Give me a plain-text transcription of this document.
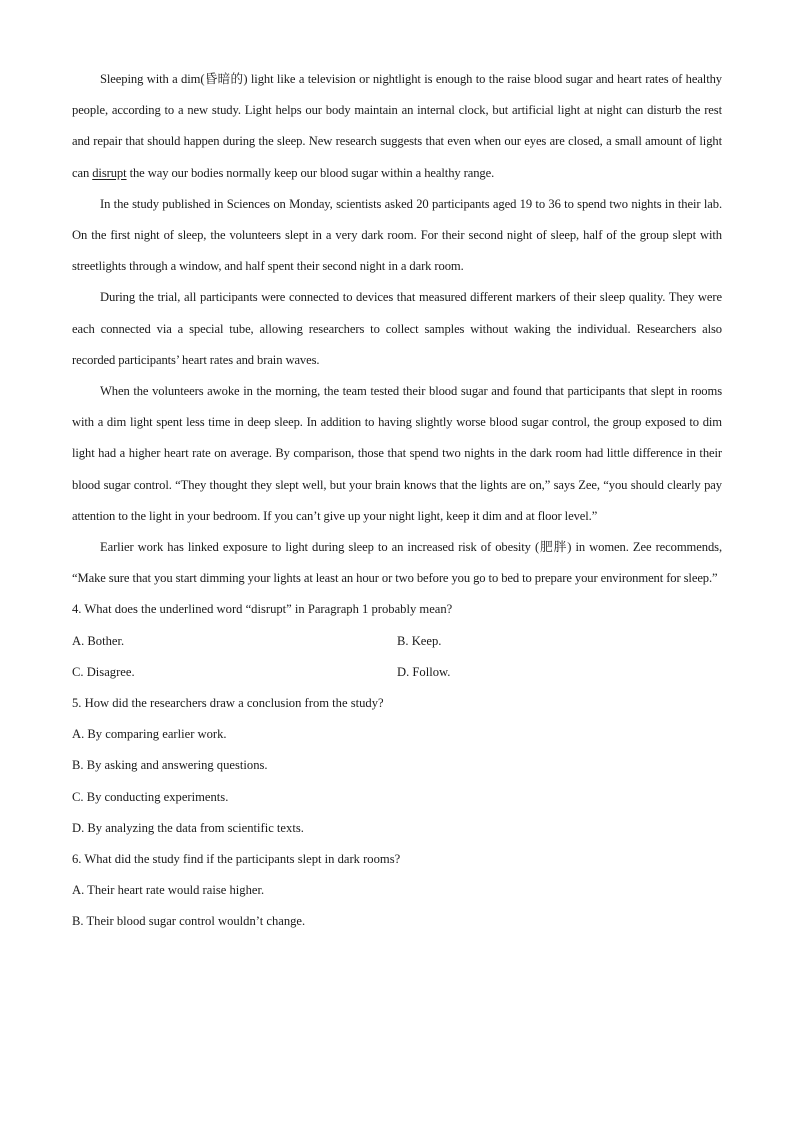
Sleeping with a dim(昏暗的) light like a television or nightlight is enough to the raise blood sugar and heart rates of healthy people, according to a new study. Light helps our body maintain an internal clock, but artificial light at night can disturb the rest and repair that should happen during the sleep. New research suggests that even when our eyes are closed, a small amount of light can disrupt the way our bodies normally keep our blood sugar within a healthy range.

In the study published in Sciences on Monday, scientists asked 20 participants aged 19 to 36 to spend two nights in their lab. On the first night of sleep, the volunteers slept in a very dark room. For their second night of sleep, half of the group slept with streetlights through a window, and half spent their second night in a dark room.

During the trial, all participants were connected to devices that measured different markers of their sleep quality. They were each connected via a special tube, allowing researchers to collect samples without waking the individual. Researchers also recorded participants’ heart rates and brain waves.

When the volunteers awoke in the morning, the team tested their blood sugar and found that participants that slept in rooms with a dim light spent less time in deep sleep. In addition to having slightly worse blood sugar control, the group exposed to dim light had a higher heart rate on average. By comparison, those that spend two nights in the dark room had little difference in their blood sugar control. “They thought they slept well, but your brain knows that the lights are on,” says Zee, “you should clearly pay attention to the light in your bedroom. If you can’t give up your night light, keep it dim and at floor level.”

Earlier work has linked exposure to light during sleep to an increased risk of obesity (肥胖) in women. Zee recommends, “Make sure that you start dimming your lights at least an hour or two before you go to bed to prepare your environment for sleep.”

4. What does the underlined word “disrupt” in Paragraph 1 probably mean?

A. Bother.	B. Keep.
C. Disagree.	D. Follow.

5. How did the researchers draw a conclusion from the study?

A. By comparing earlier work.
B. By asking and answering questions.
C. By conducting experiments.
D. By analyzing the data from scientific texts.

6. What did the study find if the participants slept in dark rooms?

A. Their heart rate would raise higher.
B. Their blood sugar control wouldn’t change.
